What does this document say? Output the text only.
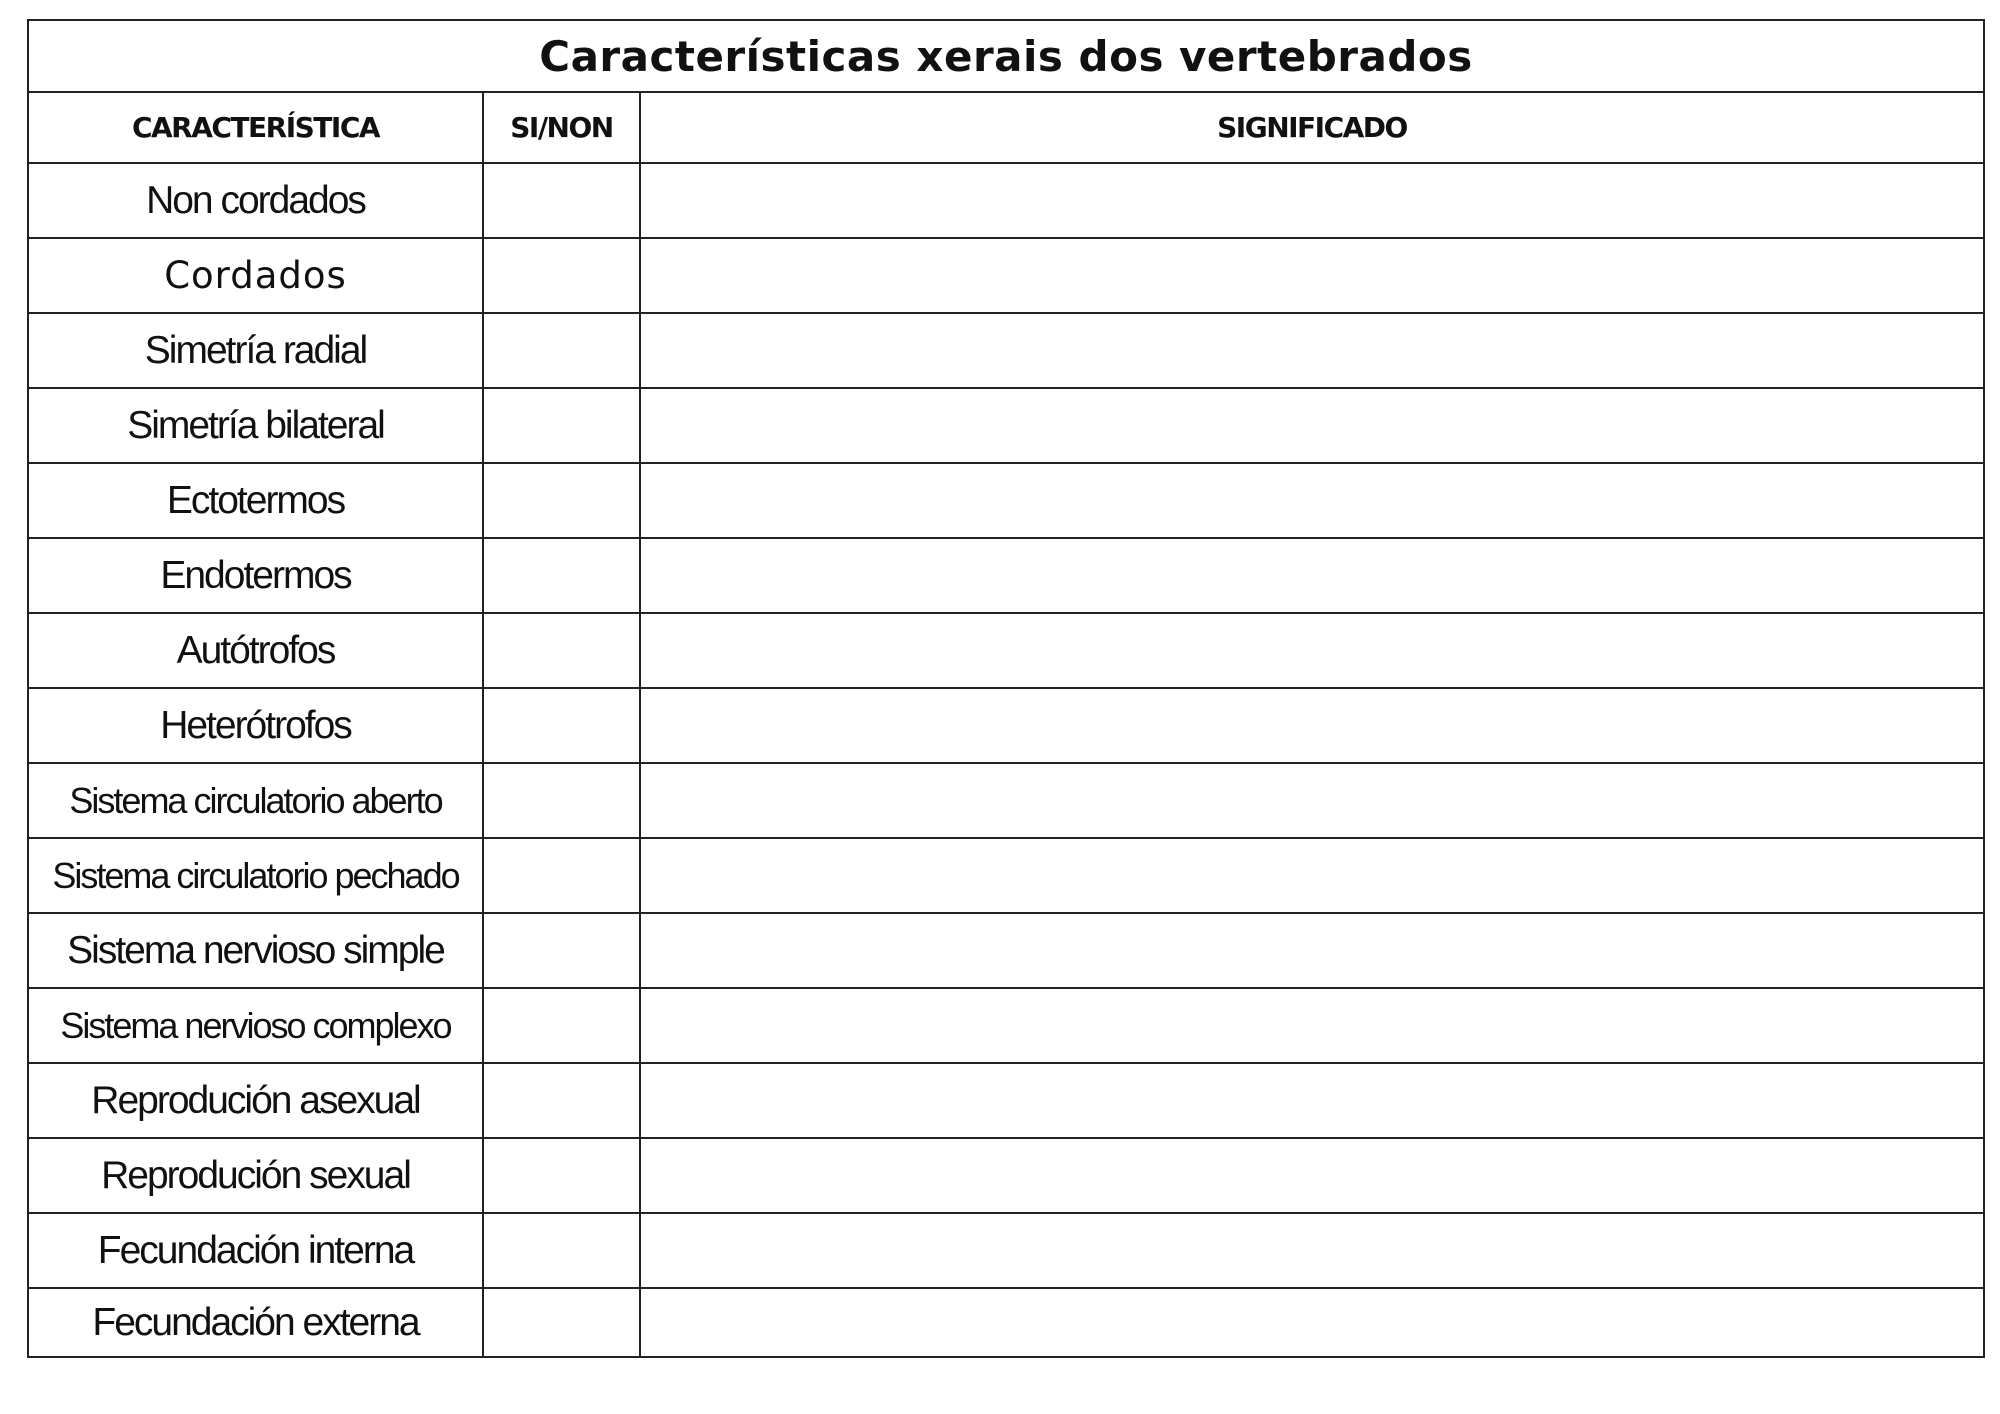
Características xerais dos vertebrados		
CARACTERÍSTICA	SI/NON	SIGNIFICADO
Non cordados		
Cordados		
Simetría radial		
Simetría bilateral		
Ectotermos		
Endotermos		
Autótrofos		
Heterótrofos		
Sistema circulatorio aberto		
Sistema circulatorio pechado		
Sistema nervioso simple		
Sistema nervioso complexo		
Reprodución asexual		
Reprodución sexual		
Fecundación interna		
Fecundación externa		
